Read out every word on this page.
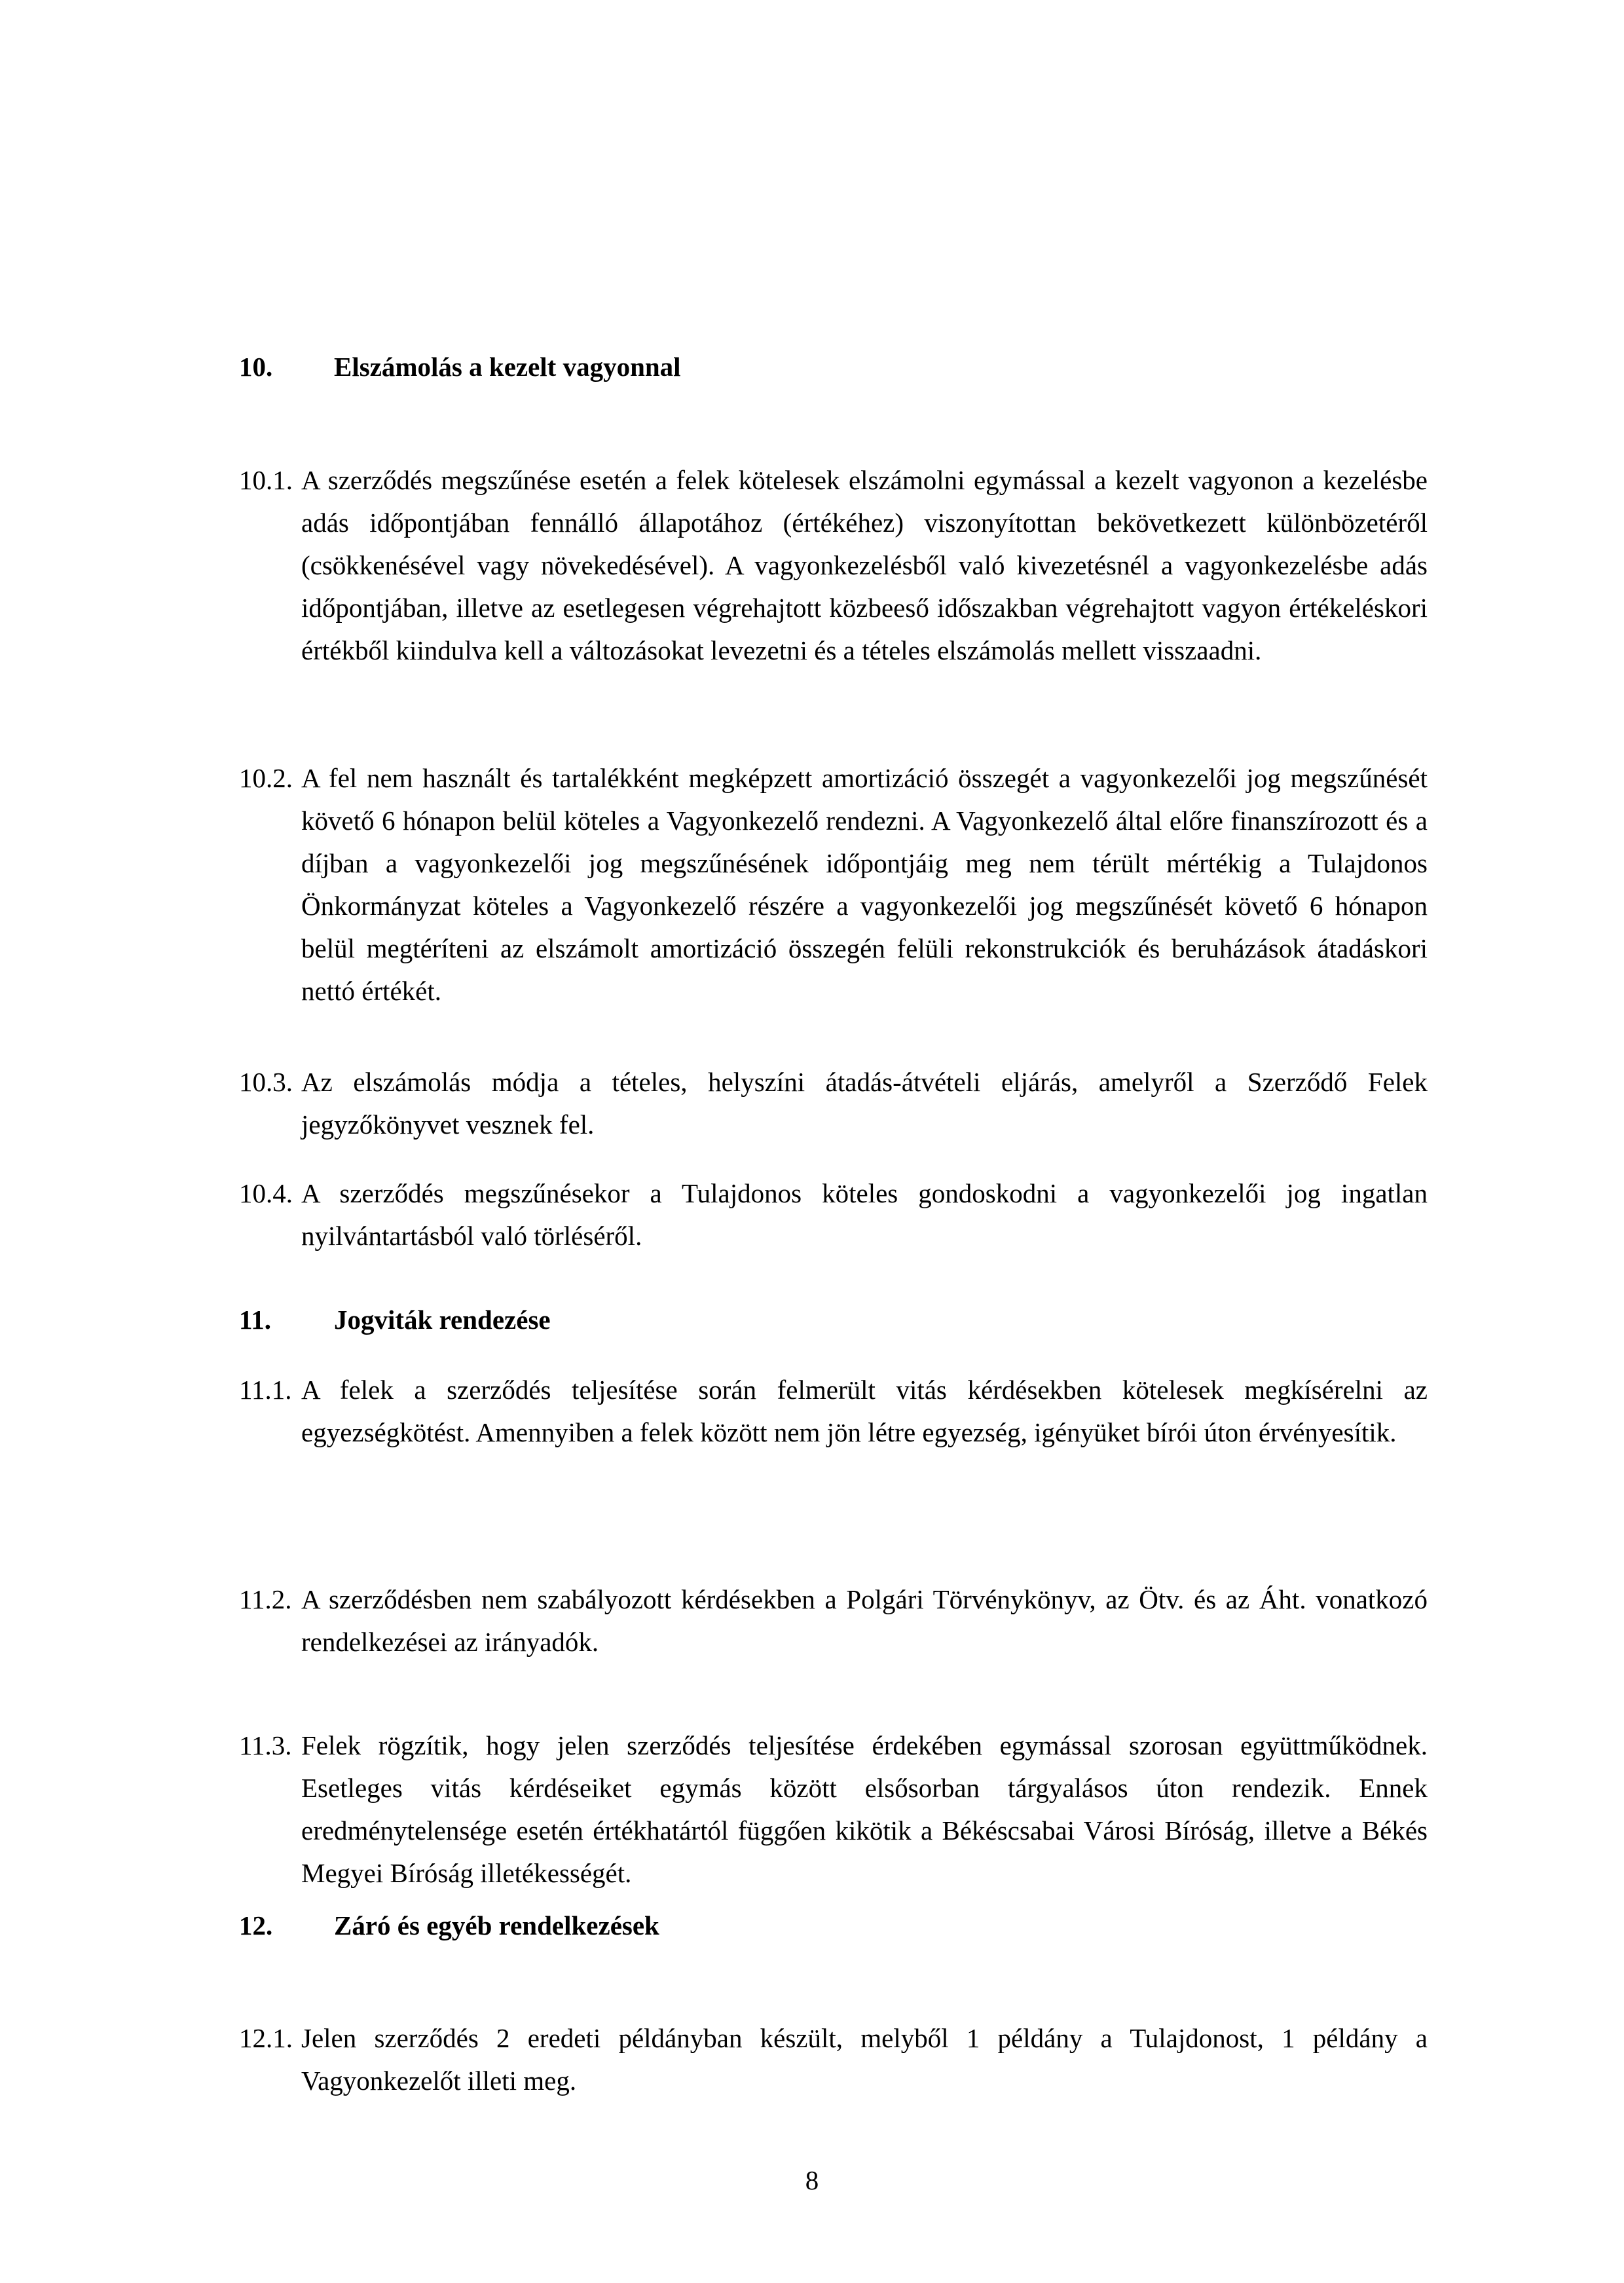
10. Elszámolás a kezelt vagyonnal
10.1. A szerződés megszűnése esetén a felek kötelesek elszámolni egymással a kezelt vagyonon a kezelésbe adás időpontjában fennálló állapotához (értékéhez) viszonyítottan bekövetkezett különbözetéről (csökkenésével vagy növekedésével). A vagyonkezelésből való kivezetésnél a vagyonkezelésbe adás időpontjában, illetve az esetlegesen végrehajtott közbeeső időszakban végrehajtott vagyon értékeléskori értékből kiindulva kell a változásokat levezetni és a tételes elszámolás mellett visszaadni.
10.2. A fel nem használt és tartalékként megképzett amortizáció összegét a vagyonkezelői jog megszűnését követő 6 hónapon belül köteles a Vagyonkezelő rendezni. A Vagyonkezelő által előre finanszírozott és a díjban a vagyonkezelői jog megszűnésének időpontjáig meg nem térült mértékig a Tulajdonos Önkormányzat köteles a Vagyonkezelő részére a vagyonkezelői jog megszűnését követő 6 hónapon belül megtéríteni az elszámolt amortizáció összegén felüli rekonstrukciók és beruházások átadáskori nettó értékét.
10.3. Az elszámolás módja a tételes, helyszíni átadás-átvételi eljárás, amelyről a Szerződő Felek jegyzőkönyvet vesznek fel.
10.4. A szerződés megszűnésekor a Tulajdonos köteles gondoskodni a vagyonkezelői jog ingatlan nyilvántartásból való törléséről.
11. Jogviták rendezése
11.1. A felek a szerződés teljesítése során felmerült vitás kérdésekben kötelesek megkísérelni az egyezségkötést. Amennyiben a felek között nem jön létre egyezség, igényüket bírói úton érvényesítik.
11.2. A szerződésben nem szabályozott kérdésekben a Polgári Törvénykönyv, az Ötv. és az Áht. vonatkozó rendelkezései az irányadók.
11.3. Felek rögzítik, hogy jelen szerződés teljesítése érdekében egymással szorosan együttműködnek. Esetleges vitás kérdéseiket egymás között elsősorban tárgyalásos úton rendezik. Ennek eredménytelensége esetén értékhatártól függően kikötik a Békéscsabai Városi Bíróság, illetve a Békés Megyei Bíróság illetékességét.
12. Záró és egyéb rendelkezések
12.1. Jelen szerződés 2 eredeti példányban készült, melyből 1 példány a Tulajdonost, 1 példány a Vagyonkezelőt illeti meg.
8
